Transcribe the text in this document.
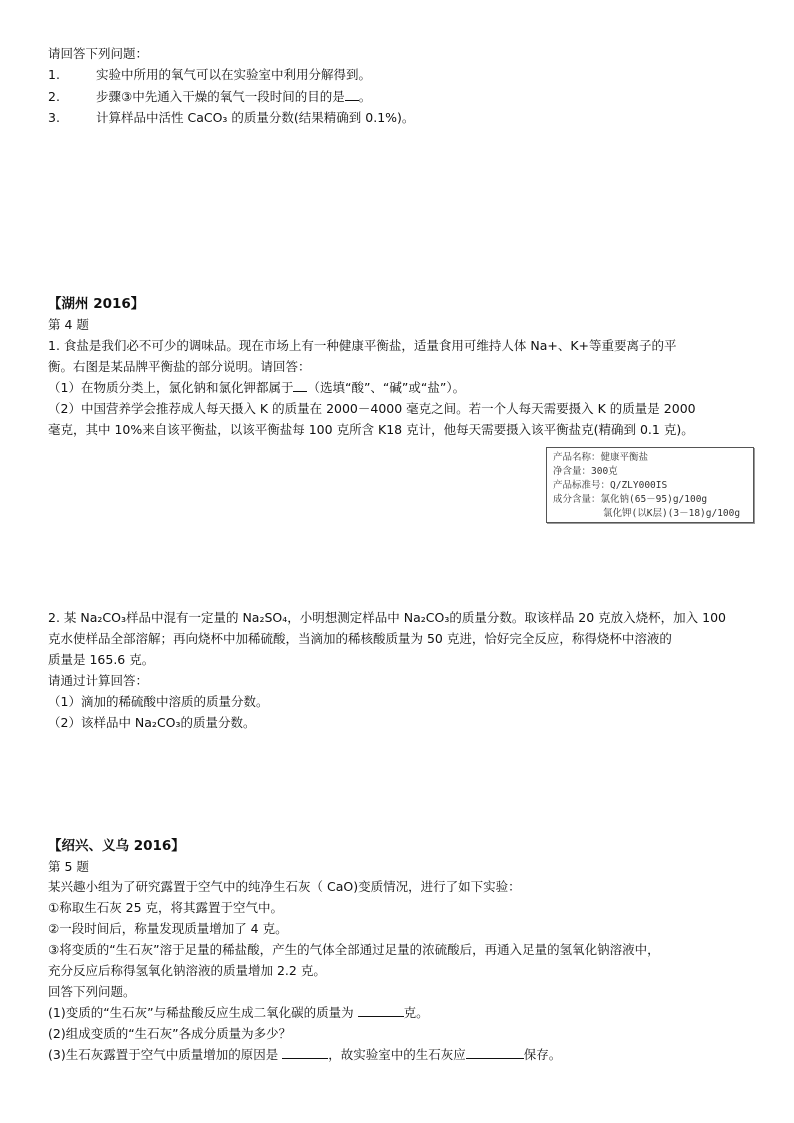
请回答下列问题：
1.	实验中所用的氧气可以在实验室中利用分解得到。
2.	步骤③中先通入干燥的氧气一段时间的目的是 。
3.	计算样品中活性 CaCO₃ 的质量分数(结果精确到 0.1%)。
【湖州 2016】
第 4 题
1. 食盐是我们必不可少的调味品。现在市场上有一种健康平衡盐，适量食用可维持人体 Na+、K+等重要离子的平
衡。右图是某品牌平衡盐的部分说明。请回答：
（1）在物质分类上，氯化钠和氯化钾都属于 （选填“酸”、“碱”或“盐”）。
（2）中国营养学会推荐成人每天摄入 K 的质量在 2000－4000 毫克之间。若一个人每天需要摄入 K 的质量是 2000
毫克，其中 10%来自该平衡盐，以该平衡盐每 100 克所含 K18 克计，他每天需要摄入该平衡盐克(精确到 0.1 克)。
产品名称：健康平衡盐
净含量：300克
产品标准号：Q/ZLY000IS
成分含量：氯化钠(65－95)g/100g
氯化钾(以K层)(3－18)g/100g
2. 某 Na₂CO₃样品中混有一定量的 Na₂SO₄，小明想测定样品中 Na₂CO₃的质量分数。取该样品 20 克放入烧杯，加入 100
克水使样品全部溶解；再向烧杯中加稀硫酸，当滴加的稀核酸质量为 50 克进，恰好完全反应，称得烧杯中溶液的
质量是 165.6 克。
请通过计算回答：
（1）滴加的稀硫酸中溶质的质量分数。
（2）该样品中 Na₂CO₃的质量分数。
【绍兴、义乌 2016】
第 5 题
某兴趣小组为了研究露置于空气中的纯净生石灰（ CaO)变质情况，进行了如下实验：
①称取生石灰 25 克，将其露置于空气中。
②一段时间后，称量发现质量增加了 4 克。
③将变质的“生石灰”溶于足量的稀盐酸，产生的气体全部通过足量的浓硫酸后，再通入足量的氢氧化钠溶液中，
充分反应后称得氢氧化钠溶液的质量增加 2.2 克。
回答下列问题。
(1)变质的“生石灰”与稀盐酸反应生成二氧化碳的质量为	克。
(2)组成变质的“生石灰”各成分质量为多少？
(3)生石灰露置于空气中质量增加的原因是	，故实验室中的生石灰应	保存。
